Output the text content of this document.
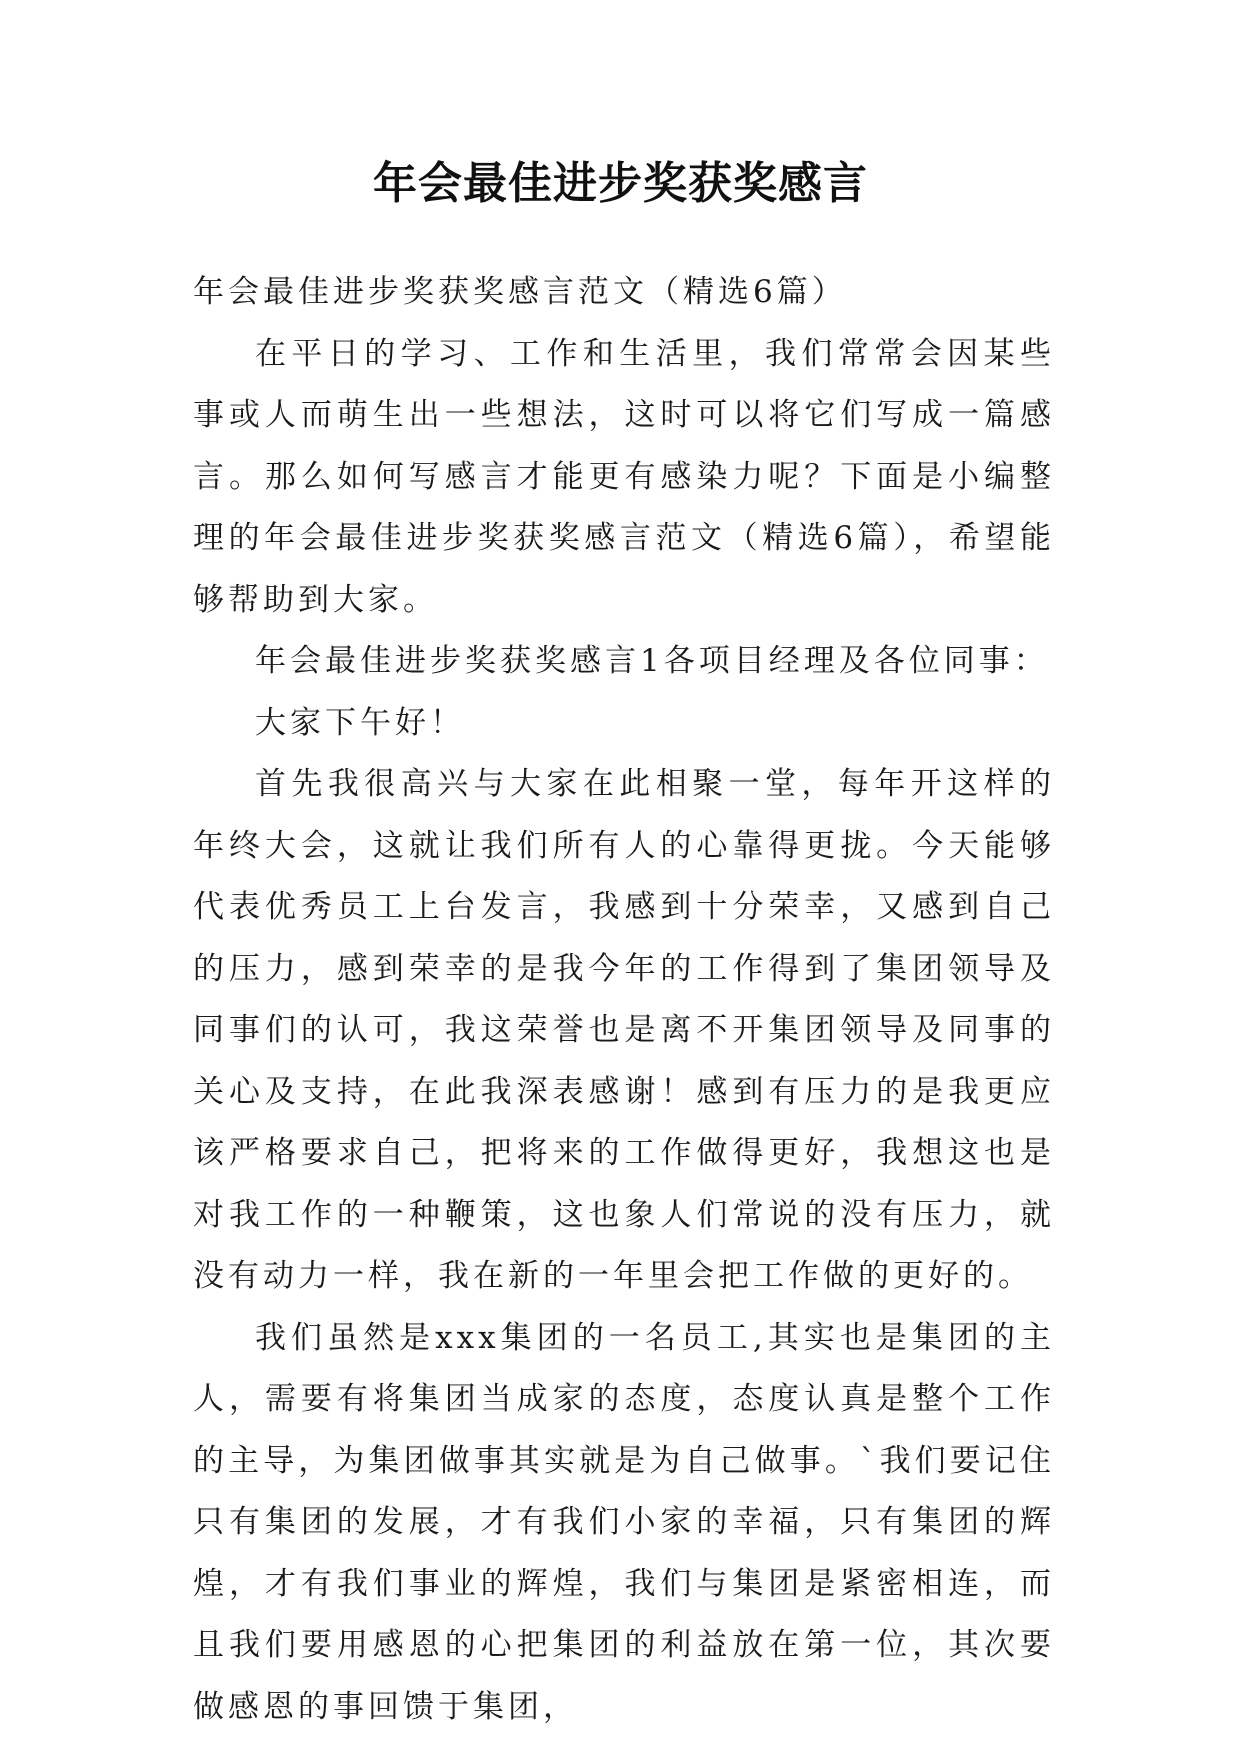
年会最佳进步奖获奖感言

年会最佳进步奖获奖感言范文（精选6篇）

在平日的学习、工作和生活里，我们常常会因某些事或人而萌生出一些想法，这时可以将它们写成一篇感言。那么如何写感言才能更有感染力呢？下面是小编整理的年会最佳进步奖获奖感言范文（精选6篇），希望能够帮助到大家。

年会最佳进步奖获奖感言1各项目经理及各位同事：

大家下午好！

首先我很高兴与大家在此相聚一堂，每年开这样的年终大会，这就让我们所有人的心靠得更拢。今天能够代表优秀员工上台发言，我感到十分荣幸，又感到自己的压力，感到荣幸的是我今年的工作得到了集团领导及同事们的认可，我这荣誉也是离不开集团领导及同事的关心及支持，在此我深表感谢！感到有压力的是我更应该严格要求自己，把将来的工作做得更好，我想这也是对我工作的一种鞭策，这也象人们常说的没有压力，就没有动力一样，我在新的一年里会把工作做的更好的。

我们虽然是xxx集团的一名员工,其实也是集团的主人，需要有将集团当成家的态度，态度认真是整个工作的主导，为集团做事其实就是为自己做事。`我们要记住只有集团的发展，才有我们小家的幸福，只有集团的辉煌，才有我们事业的辉煌，我们与集团是紧密相连，而且我们要用感恩的心把集团的利益放在第一位，其次要做感恩的事回馈于集团，
